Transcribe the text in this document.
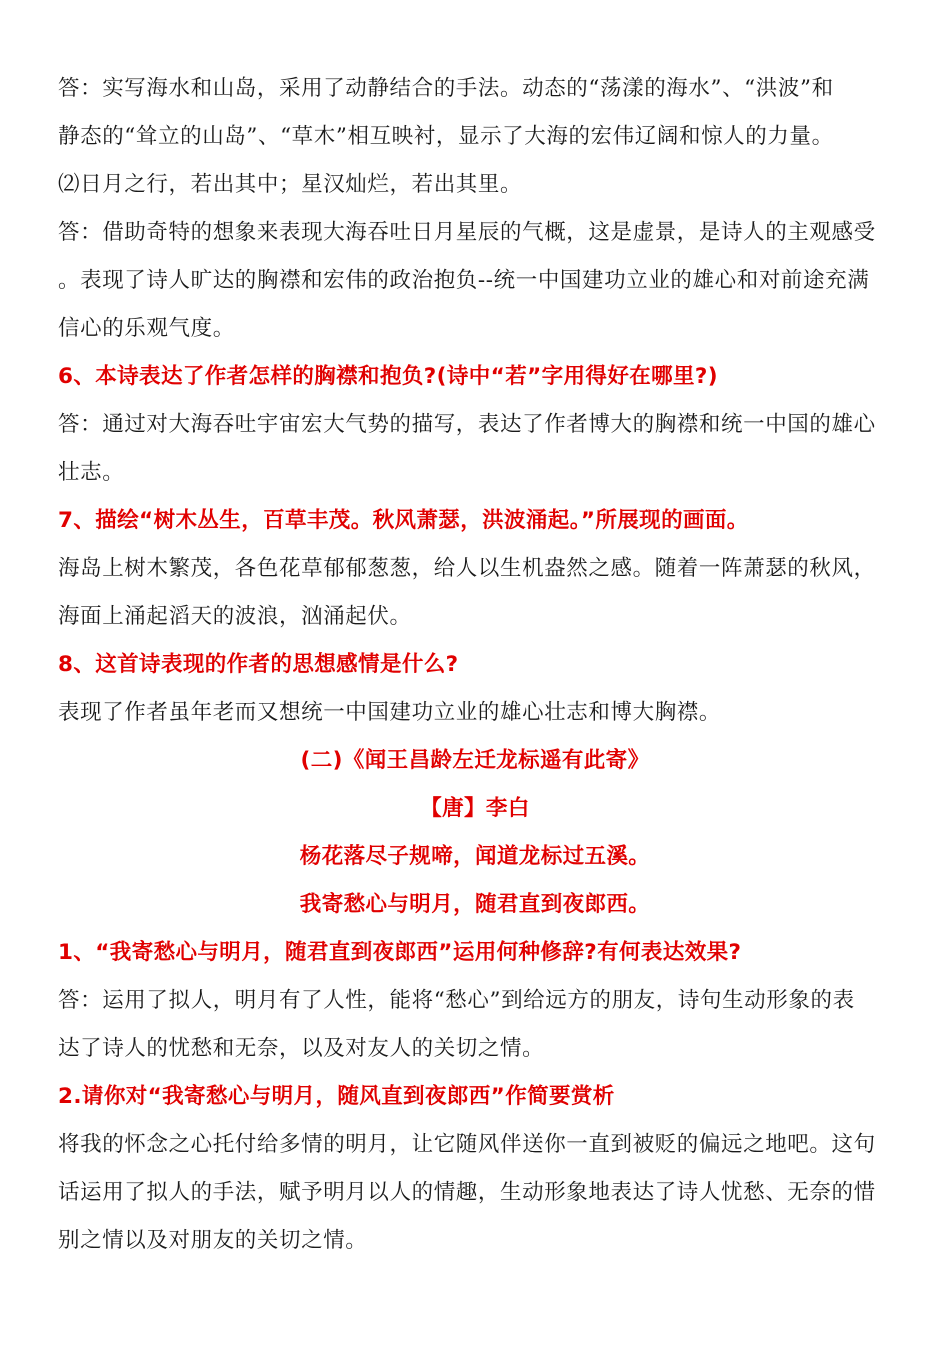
答：实写海水和山岛，采用了动静结合的手法。动态的“荡漾的海水”、“洪波”和
静态的“耸立的山岛”、“草木”相互映衬，显示了大海的宏伟辽阔和惊人的力量。
⑵日月之行，若出其中；星汉灿烂，若出其里。
答：借助奇特的想象来表现大海吞吐日月星辰的气概，这是虚景，是诗人的主观感受
。表现了诗人旷达的胸襟和宏伟的政治抱负--统一中国建功立业的雄心和对前途充满
信心的乐观气度。
6、本诗表达了作者怎样的胸襟和抱负?(诗中“若”字用得好在哪里?)
答：通过对大海吞吐宇宙宏大气势的描写，表达了作者博大的胸襟和统一中国的雄心
壮志。
7、描绘“树木丛生，百草丰茂。秋风萧瑟，洪波涌起。”所展现的画面。
海岛上树木繁茂，各色花草郁郁葱葱，给人以生机盎然之感。随着一阵萧瑟的秋风，
海面上涌起滔天的波浪，汹涌起伏。
8、这首诗表现的作者的思想感情是什么?
表现了作者虽年老而又想统一中国建功立业的雄心壮志和博大胸襟。
(二)《闻王昌龄左迁龙标遥有此寄》
【唐】李白
杨花落尽子规啼，闻道龙标过五溪。
我寄愁心与明月，随君直到夜郎西。
1、“我寄愁心与明月，随君直到夜郎西”运用何种修辞?有何表达效果?
答：运用了拟人，明月有了人性，能将“愁心”到给远方的朋友，诗句生动形象的表
达了诗人的忧愁和无奈，以及对友人的关切之情。
2.请你对“我寄愁心与明月，随风直到夜郎西”作简要赏析
将我的怀念之心托付给多情的明月，让它随风伴送你一直到被贬的偏远之地吧。这句
话运用了拟人的手法，赋予明月以人的情趣，生动形象地表达了诗人忧愁、无奈的惜
别之情以及对朋友的关切之情。
